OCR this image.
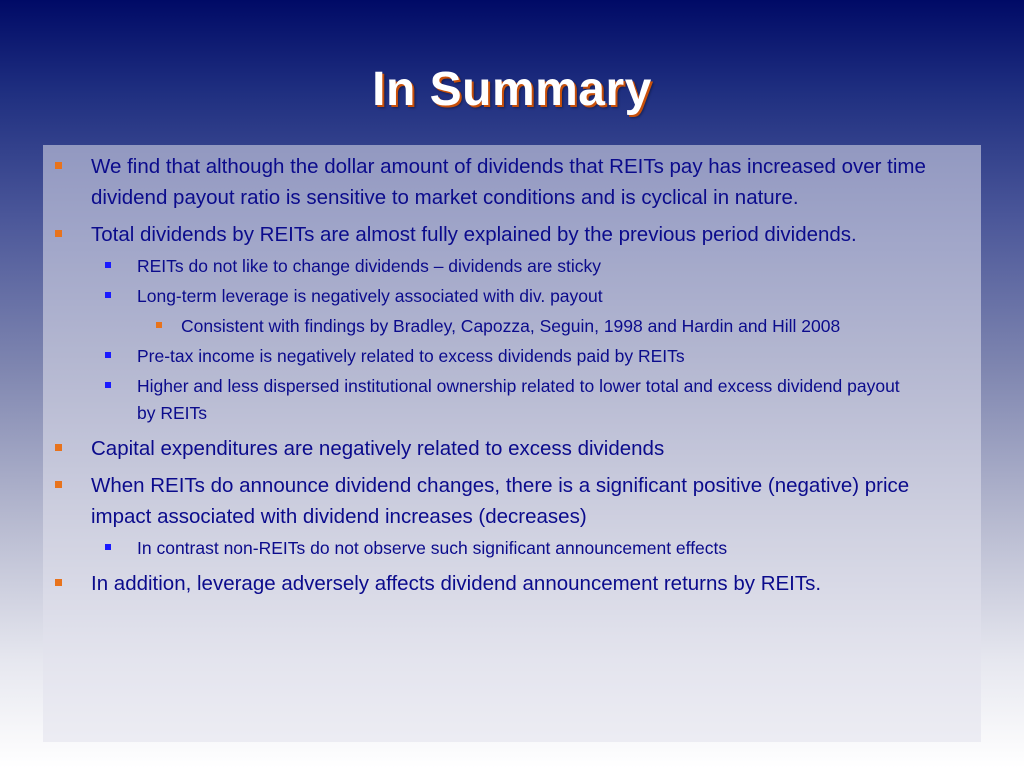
In Summary
We find that although the dollar amount of dividends that REITs pay has increased over time dividend payout ratio is sensitive to market conditions and is cyclical in nature.
Total dividends by REITs are almost fully explained by the previous period dividends.
REITs do not like to change dividends – dividends are sticky
Long-term leverage is negatively associated with div. payout
Consistent with findings by Bradley, Capozza, Seguin, 1998 and Hardin and Hill 2008
Pre-tax income is negatively related to excess dividends paid by REITs
Higher and less dispersed institutional ownership related to lower total and excess dividend payout by REITs
Capital expenditures are negatively related to excess dividends
When REITs do announce dividend changes, there is a significant positive (negative) price impact associated with dividend increases (decreases)
In contrast non-REITs do not observe such significant announcement effects
In addition, leverage adversely affects dividend announcement returns by REITs.
